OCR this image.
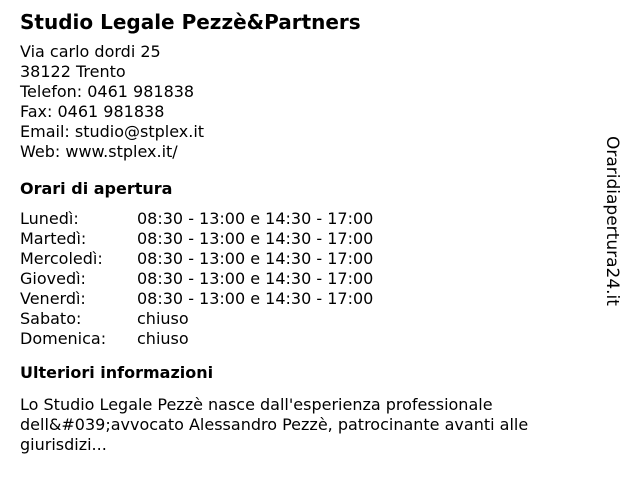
Studio Legale Pezzè&Partners
Via carlo dordi 25
38122 Trento
Telefon: 0461 981838
Fax: 0461 981838
Email: studio@stplex.it
Web: www.stplex.it/
Orari di apertura
Lunedì:	08:30 - 13:00 e 14:30 - 17:00
Martedì:	08:30 - 13:00 e 14:30 - 17:00
Mercoledì: 08:30 - 13:00 e 14:30 - 17:00
Giovedì:	08:30 - 13:00 e 14:30 - 17:00
Venerdì:	08:30 - 13:00 e 14:30 - 17:00
Sabato:	chiuso
Domenica: chiuso
Ulteriori informazioni

Lo Studio Legale Pezzè nasce dall'esperienza professionale dell&#039;avvocato Alessandro Pezzè, patrocinante avanti alle giurisdizi...

Oraridiapertura24.it
